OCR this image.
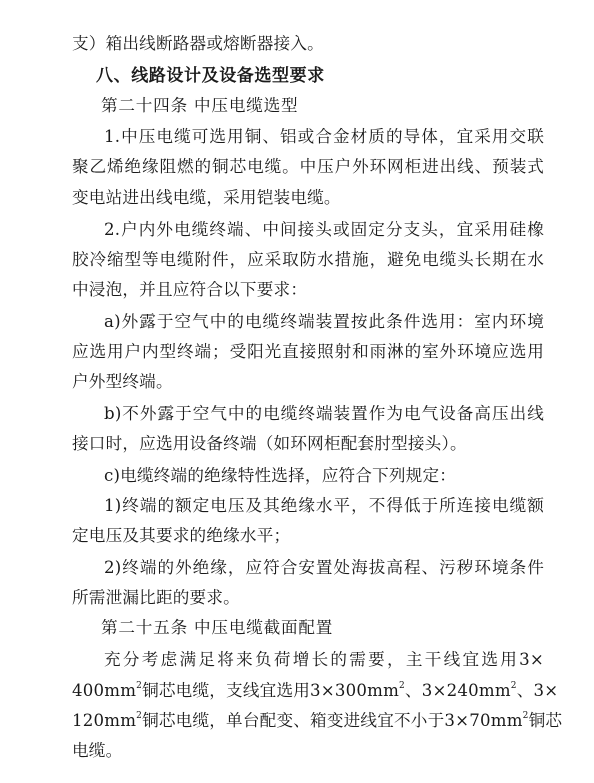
支）箱出线断路器或熔断器接入。
八、线路设计及设备选型要求
第二十四条 中压电缆选型
1.中压电缆可选用铜、铝或合金材质的导体，宜采用交联
聚乙烯绝缘阻燃的铜芯电缆。中压户外环网柜进出线、预装式
变电站进出线电缆，采用铠装电缆。
2.户内外电缆终端、中间接头或固定分支头，宜采用硅橡
胶冷缩型等电缆附件，应采取防水措施，避免电缆头长期在水
中浸泡，并且应符合以下要求：
a)外露于空气中的电缆终端装置按此条件选用：室内环境
应选用户内型终端；受阳光直接照射和雨淋的室外环境应选用
户外型终端。
b)不外露于空气中的电缆终端装置作为电气设备高压出线
接口时，应选用设备终端（如环网柜配套肘型接头）。
c)电缆终端的绝缘特性选择，应符合下列规定：
1)终端的额定电压及其绝缘水平，不得低于所连接电缆额
定电压及其要求的绝缘水平；
2)终端的外绝缘，应符合安置处海拔高程、污秽环境条件
所需泄漏比距的要求。
第二十五条 中压电缆截面配置
充分考虑满足将来负荷增长的需要，主干线宜选用3×
$400mm^2$铜芯电缆，支线宜选用$3\times 300mm^2$、$3\times 240mm^2$、3×
$120mm^2$铜芯电缆，单台配变、箱变进线宜不小于$3\times 70mm^2$铜芯
电缆。
